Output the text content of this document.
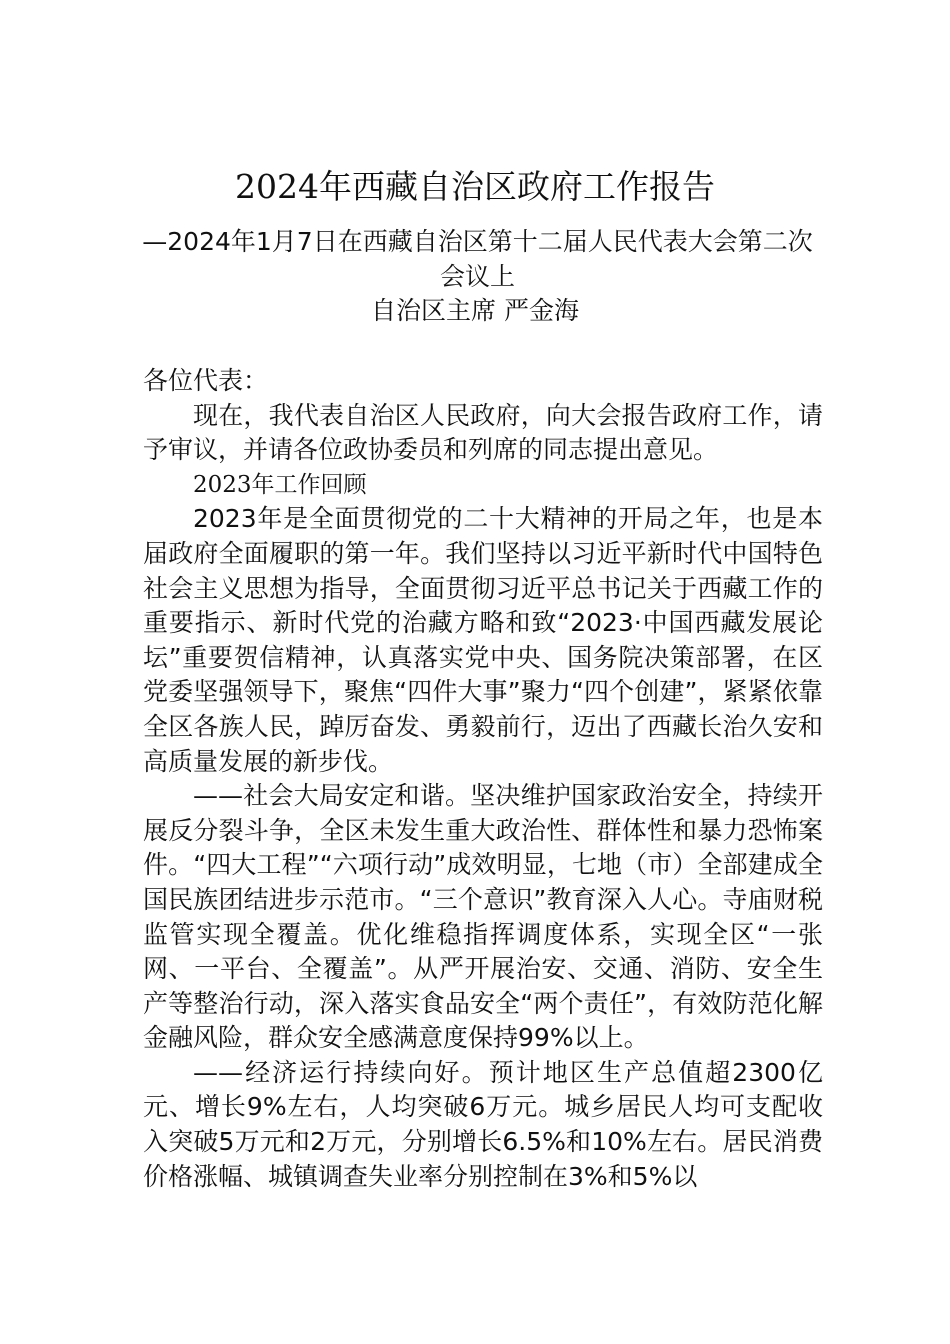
2024年西藏自治区政府工作报告
—2024年1月7日在西藏自治区第十二届人民代表大会第二次会议上
自治区主席 严金海

各位代表：

现在，我代表自治区人民政府，向大会报告政府工作，请予审议，并请各位政协委员和列席的同志提出意见。

2023年工作回顾

2023年是全面贯彻党的二十大精神的开局之年，也是本届政府全面履职的第一年。我们坚持以习近平新时代中国特色社会主义思想为指导，全面贯彻习近平总书记关于西藏工作的重要指示、新时代党的治藏方略和致“2023·中国西藏发展论坛”重要贺信精神，认真落实党中央、国务院决策部署，在区党委坚强领导下，聚焦“四件大事”聚力“四个创建”，紧紧依靠全区各族人民，踔厉奋发、勇毅前行，迈出了西藏长治久安和高质量发展的新步伐。

——社会大局安定和谐。坚决维护国家政治安全，持续开展反分裂斗争，全区未发生重大政治性、群体性和暴力恐怖案件。“四大工程”“六项行动”成效明显，七地（市）全部建成全国民族团结进步示范市。“三个意识”教育深入人心。寺庙财税监管实现全覆盖。优化维稳指挥调度体系，实现全区“一张网、一平台、全覆盖”。从严开展治安、交通、消防、安全生产等整治行动，深入落实食品安全“两个责任”，有效防范化解金融风险，群众安全感满意度保持99%以上。

——经济运行持续向好。预计地区生产总值超2300亿元、增长9%左右，人均突破6万元。城乡居民人均可支配收入突破5万元和2万元，分别增长6.5%和10%左右。居民消费价格涨幅、城镇调查失业率分别控制在3%和5%以
